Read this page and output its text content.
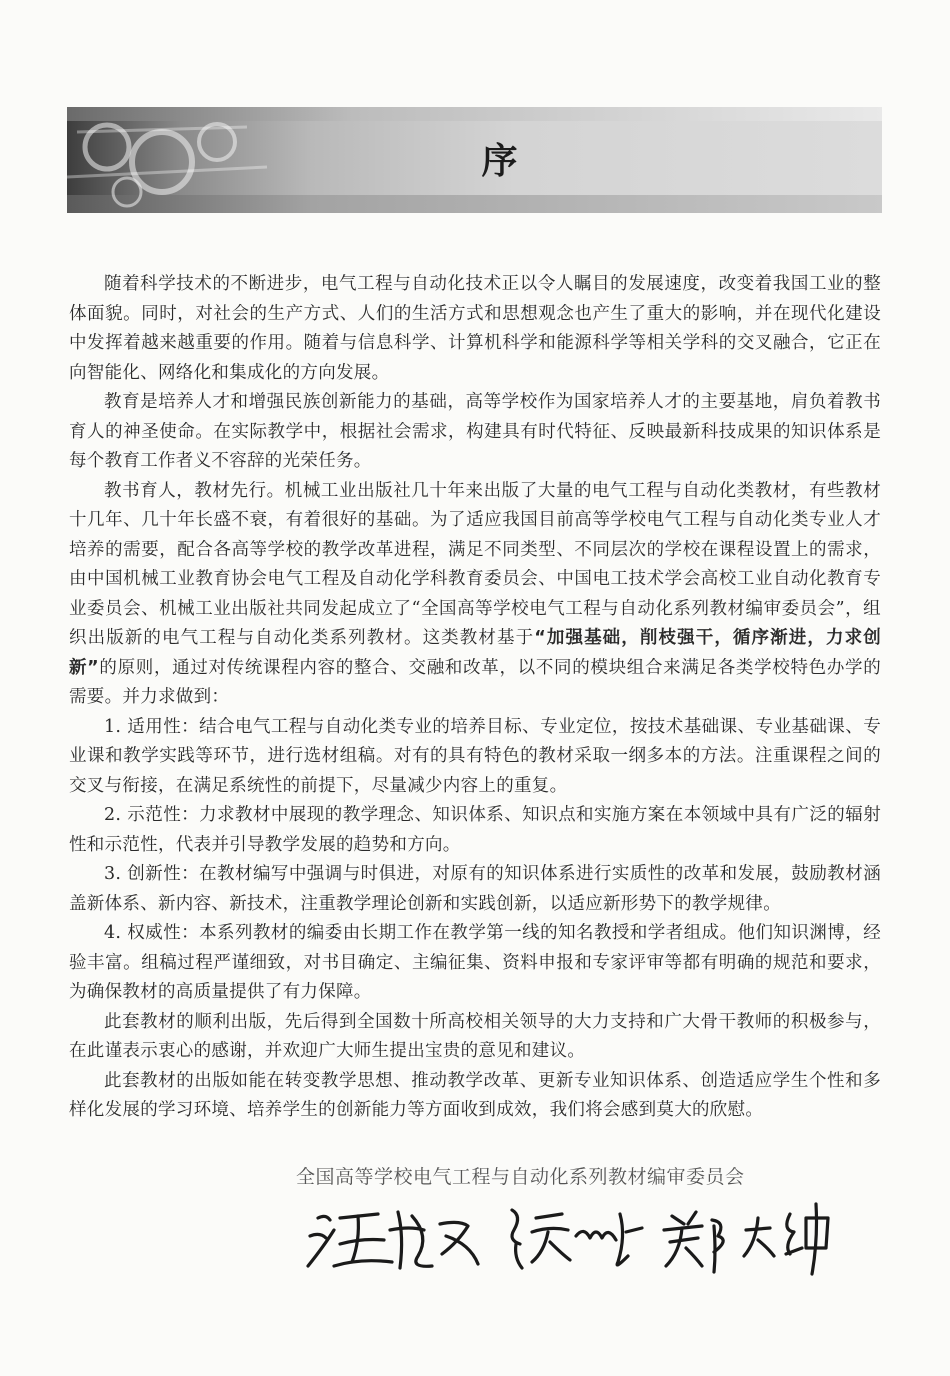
序

随着科学技术的不断进步，电气工程与自动化技术正以令人瞩目的发展速度，改变着我国工业的整体面貌。同时，对社会的生产方式、人们的生活方式和思想观念也产生了重大的影响，并在现代化建设中发挥着越来越重要的作用。随着与信息科学、计算机科学和能源科学等相关学科的交叉融合，它正在向智能化、网络化和集成化的方向发展。

教育是培养人才和增强民族创新能力的基础，高等学校作为国家培养人才的主要基地，肩负着教书育人的神圣使命。在实际教学中，根据社会需求，构建具有时代特征、反映最新科技成果的知识体系是每个教育工作者义不容辞的光荣任务。

教书育人，教材先行。机械工业出版社几十年来出版了大量的电气工程与自动化类教材，有些教材十几年、几十年长盛不衰，有着很好的基础。为了适应我国目前高等学校电气工程与自动化类专业人才培养的需要，配合各高等学校的教学改革进程，满足不同类型、不同层次的学校在课程设置上的需求，由中国机械工业教育协会电气工程及自动化学科教育委员会、中国电工技术学会高校工业自动化教育专业委员会、机械工业出版社共同发起成立了“全国高等学校电气工程与自动化系列教材编审委员会”，组织出版新的电气工程与自动化类系列教材。这类教材基于“加强基础，削枝强干，循序渐进，力求创新”的原则，通过对传统课程内容的整合、交融和改革，以不同的模块组合来满足各类学校特色办学的需要。并力求做到：

1. 适用性：结合电气工程与自动化类专业的培养目标、专业定位，按技术基础课、专业基础课、专业课和教学实践等环节，进行选材组稿。对有的具有特色的教材采取一纲多本的方法。注重课程之间的交叉与衔接，在满足系统性的前提下，尽量减少内容上的重复。

2. 示范性：力求教材中展现的教学理念、知识体系、知识点和实施方案在本领域中具有广泛的辐射性和示范性，代表并引导教学发展的趋势和方向。

3. 创新性：在教材编写中强调与时俱进，对原有的知识体系进行实质性的改革和发展，鼓励教材涵盖新体系、新内容、新技术，注重教学理论创新和实践创新，以适应新形势下的教学规律。

4. 权威性：本系列教材的编委由长期工作在教学第一线的知名教授和学者组成。他们知识渊博，经验丰富。组稿过程严谨细致，对书目确定、主编征集、资料申报和专家评审等都有明确的规范和要求，为确保教材的高质量提供了有力保障。

此套教材的顺利出版，先后得到全国数十所高校相关领导的大力支持和广大骨干教师的积极参与，在此谨表示衷心的感谢，并欢迎广大师生提出宝贵的意见和建议。

此套教材的出版如能在转变教学思想、推动教学改革、更新专业知识体系、创造适应学生个性和多样化发展的学习环境、培养学生的创新能力等方面收到成效，我们将会感到莫大的欣慰。

全国高等学校电气工程与自动化系列教材编审委员会
